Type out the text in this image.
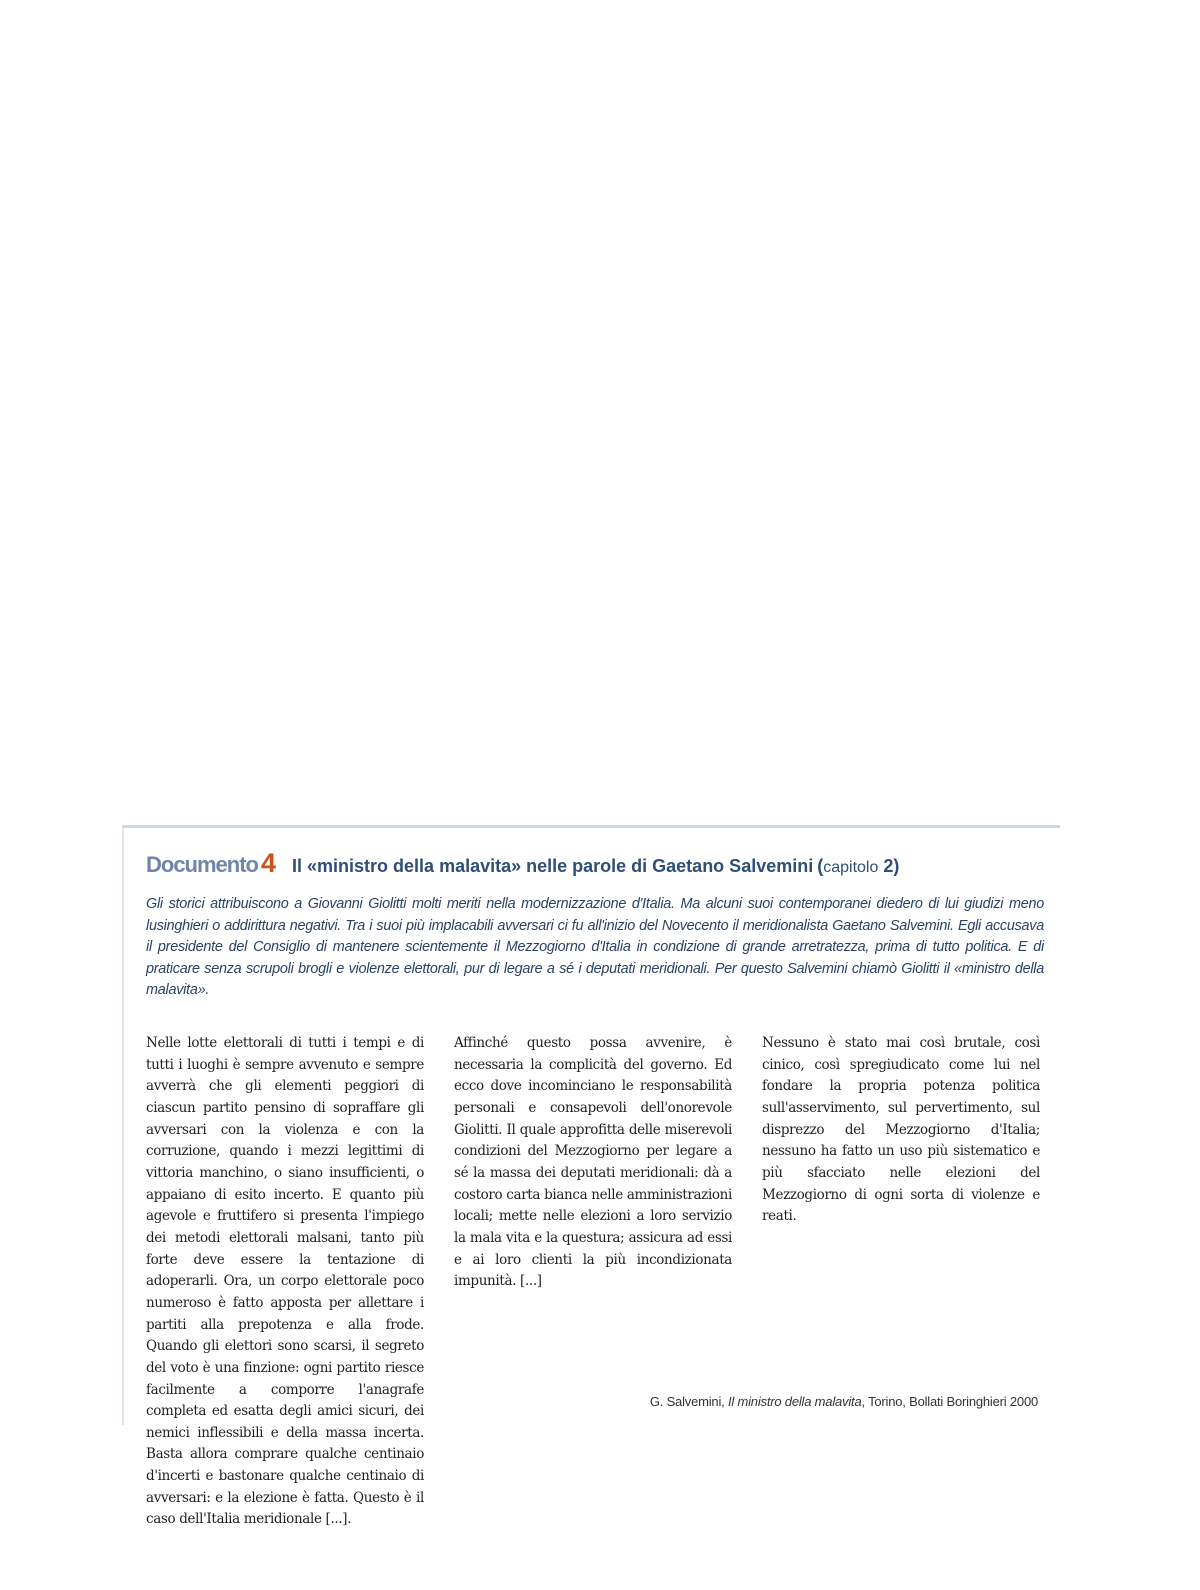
Documento 4 Il «ministro della malavita» nelle parole di Gaetano Salvemini (capitolo 2)

Gli storici attribuiscono a Giovanni Giolitti molti meriti nella modernizzazione d'Italia. Ma alcuni suoi contemporanei diedero di lui giudizi meno lusinghieri o addirittura negativi. Tra i suoi più implacabili avversari ci fu all'inizio del Novecento il meridionalista Gaetano Salvemini. Egli accusava il presidente del Consiglio di mantenere scientemente il Mezzogiorno d'Italia in condizione di grande arretratezza, prima di tutto politica. E di praticare senza scrupoli brogli e violenze elettorali, pur di legare a sé i deputati meridionali. Per questo Salvemini chiamò Giolitti il «ministro della malavita».

Nelle lotte elettorali di tutti i tempi e di tutti i luoghi è sempre avvenuto e sempre avverrà che gli elementi peggiori di ciascun partito pensino di sopraffare gli avversari con la violenza e con la corruzione, quando i mezzi legittimi di vittoria manchino, o siano insufficienti, o appaiano di esito incerto. E quanto più agevole e fruttifero si presenta l'impiego dei metodi elettorali malsani, tanto più forte deve essere la tentazione di adoperarli. Ora, un corpo elettorale poco numeroso è fatto apposta per allettare i partiti alla prepotenza e alla frode. Quando gli elettori sono scarsi, il segreto del voto è una finzione: ogni partito riesce facilmente a comporre l'anagrafe completa ed esatta degli amici sicuri, dei nemici inflessibili e della massa incerta. Basta allora comprare qualche centinaio d'incerti e bastonare qualche centinaio di avversari: e la elezione è fatta. Questo è il caso dell'Italia meridionale [...].

Affinché questo possa avvenire, è necessaria la complicità del governo. Ed ecco dove incominciano le responsabilità personali e consapevoli dell'onorevole Giolitti. Il quale approfitta delle miserevoli condizioni del Mezzogiorno per legare a sé la massa dei deputati meridionali: dà a costoro carta bianca nelle amministrazioni locali; mette nelle elezioni a loro servizio la mala vita e la questura; assicura ad essi e ai loro clienti la più incondizionata impunità. [...]

Nessuno è stato mai così brutale, così cinico, così spregiudicato come lui nel fondare la propria potenza politica sull'asservimento, sul pervertimento, sul disprezzo del Mezzogiorno d'Italia; nessuno ha fatto un uso più sistematico e più sfacciato nelle elezioni del Mezzogiorno di ogni sorta di violenze e reati.

G. Salvemini, Il ministro della malavita, Torino, Bollati Boringhieri 2000
